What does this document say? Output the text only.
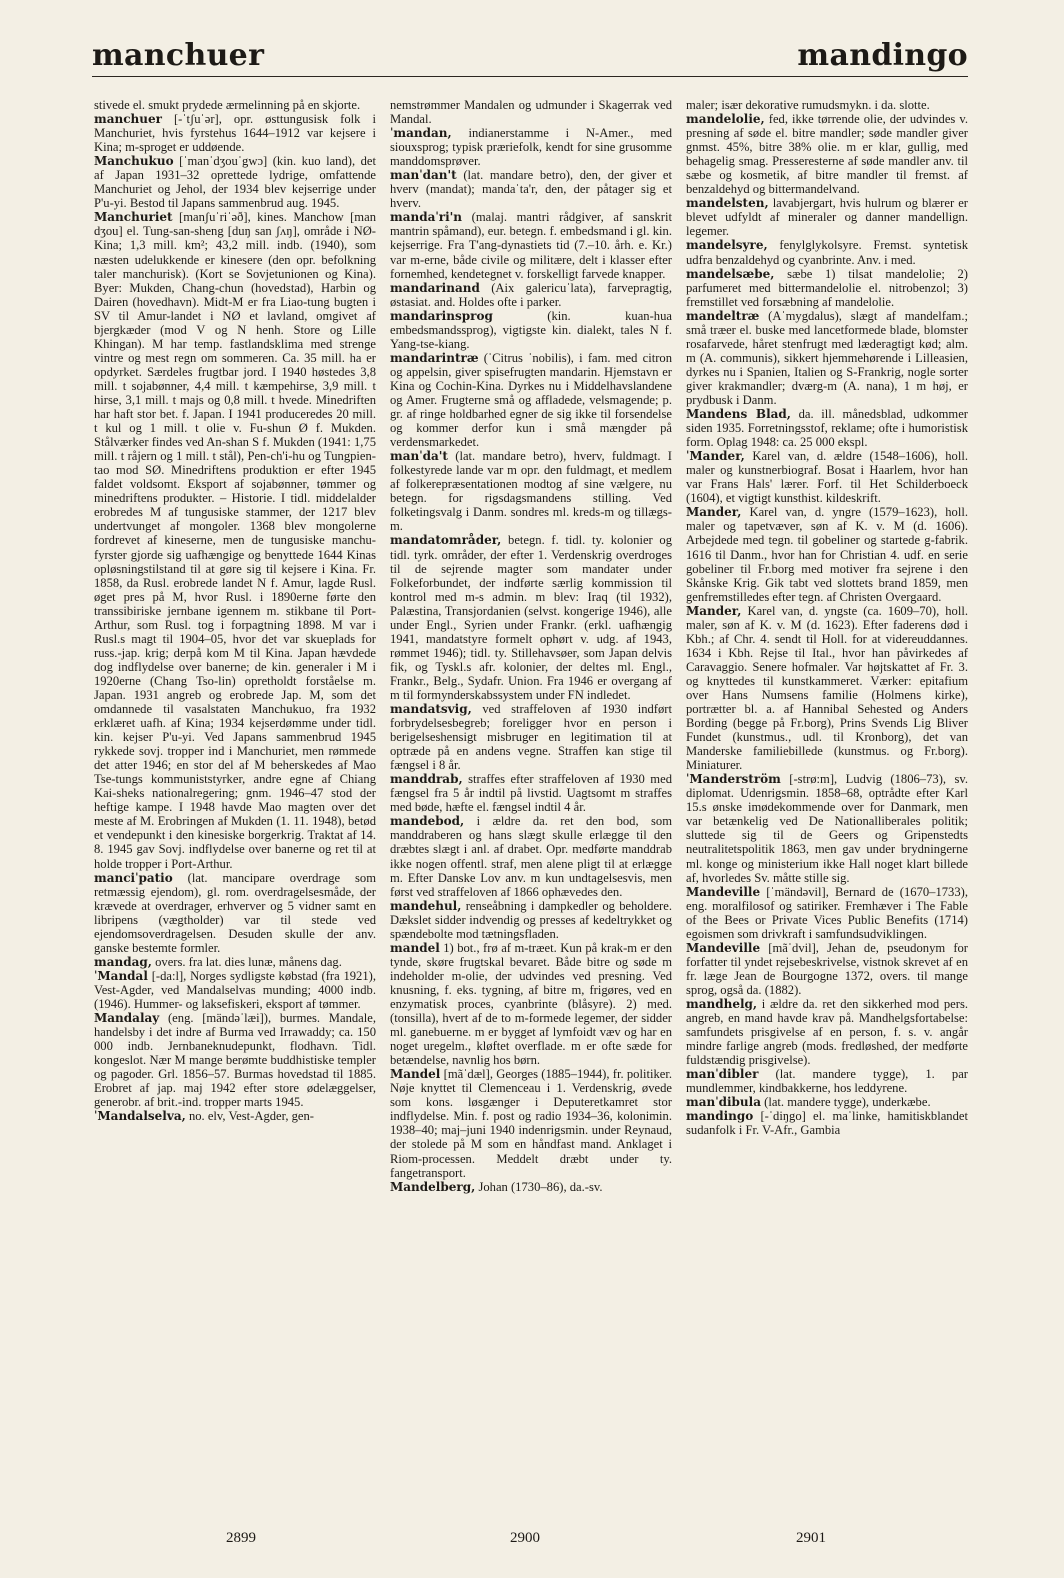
manchuer	mandingo

stivede el. smukt prydede ærmelinning på en skjorte.

manchuer [-ˈtʃuˈər], opr. østtungusisk folk i Manchuriet, hvis fyrstehus 1644–1912 var kejsere i Kina; m-sproget er uddøende.

Manchukuo [ˈmanˈdʒouˈgwɔ] (kin. kuo land), det af Japan 1931–32 oprettede lydrige, omfattende Manchuriet og Jehol, der 1934 blev kejserrige under P'u-yi. Bestod til Japans sammenbrud aug. 1945.

Manchuriet [manʃuˈriˈəð], kines. Manchow [man dʒou] el. Tung-san-sheng [duŋ san ʃʌŋ], område i NØ-Kina; 1,3 mill. km²; 43,2 mill. indb. (1940), som næsten udelukkende er kinesere (den opr. befolkning taler manchurisk). (Kort se Sovjetunionen og Kina). Byer: Mukden, Chang-chun (hovedstad), Harbin og Dairen (hovedhavn). Midt-M er fra Liao-tung bugten i SV til Amur-landet i NØ et lavland, omgivet af bjergkæder (mod V og N henh. Store og Lille Khingan). M har temp. fastlandsklima med strenge vintre og mest regn om sommeren. Ca. 35 mill. ha er opdyrket. Særdeles frugtbar jord. I 1940 høstedes 3,8 mill. t sojabønner, 4,4 mill. t kæmpehirse, 3,9 mill. t hirse, 3,1 mill. t majs og 0,8 mill. t hvede. Minedriften har haft stor bet. f. Japan. I 1941 produceredes 20 mill. t kul og 1 mill. t olie v. Fu-shun Ø f. Mukden. Stålværker findes ved An-shan S f. Mukden (1941: 1,75 mill. t råjern og 1 mill. t stål), Pen-ch'i-hu og Tungpien-tao mod SØ. Minedriftens produktion er efter 1945 faldet voldsomt. Eksport af sojabønner, tømmer og minedriftens produkter. – Historie. I tidl. middelalder erobredes M af tungusiske stammer, der 1217 blev undertvunget af mongoler. 1368 blev mongolerne fordrevet af kineserne, men de tungusiske manchu-fyrster gjorde sig uafhængige og benyttede 1644 Kinas opløsningstilstand til at gøre sig til kejsere i Kina. Fr. 1858, da Rusl. erobrede landet N f. Amur, lagde Rusl. øget pres på M, hvor Rusl. i 1890erne førte den transsibiriske jernbane igennem m. stikbane til Port-Arthur, som Rusl. tog i forpagtning 1898. M var i Rusl.s magt til 1904–05, hvor det var skueplads for russ.-jap. krig; derpå kom M til Kina. Japan hævdede dog indflydelse over banerne; de kin. generaler i M i 1920erne (Chang Tso-lin) opretholdt forståelse m. Japan. 1931 angreb og erobrede Jap. M, som det omdannede til vasalstaten Manchukuo, fra 1932 erklæret uafh. af Kina; 1934 kejserdømme under tidl. kin. kejser P'u-yi. Ved Japans sammenbrud 1945 rykkede sovj. tropper ind i Manchuriet, men rømmede det atter 1946; en stor del af M beherskedes af Mao Tse-tungs kommuniststyrker, andre egne af Chiang Kai-sheks nationalregering; gnm. 1946–47 stod der heftige kampe. I 1948 havde Mao magten over det meste af M. Erobringen af Mukden (1. 11. 1948), betød et vendepunkt i den kinesiske borgerkrig. Traktat af 14. 8. 1945 gav Sovj. indflydelse over banerne og ret til at holde tropper i Port-Arthur.

manciˈpatio (lat. mancipare overdrage som retmæssig ejendom), gl. rom. overdragelsesmåde, der krævede at overdrager, erhverver og 5 vidner samt en libripens (vægtholder) var til stede ved ejendomsoverdragelsen. Desuden skulle der anv. ganske bestemte formler.

mandag, overs. fra lat. dies lunæ, månens dag.

ˈMandal [-da:l], Norges sydligste købstad (fra 1921), Vest-Agder, ved Mandalselvas munding; 4000 indb. (1946). Hummer- og laksefiskeri, eksport af tømmer.

Mandalay (eng. [mändəˈlæi]), burmes. Mandale, handelsby i det indre af Burma ved Irrawaddy; ca. 150 000 indb. Jernbaneknudepunkt, flodhavn. Tidl. kongeslot. Nær M mange berømte buddhistiske templer og pagoder. Grl. 1856–57. Burmas hovedstad til 1885. Erobret af jap. maj 1942 efter store ødelæggelser, generobr. af brit.-ind. tropper marts 1945.

ˈMandalselva, no. elv, Vest-Agder, gen-

nemstrømmer Mandalen og udmunder i Skagerrak ved Mandal.

ˈmandan, indianerstamme i N-Amer., med siouxsprog; typisk præriefolk, kendt for sine grusomme manddomsprøver.

manˈdan't (lat. mandare betro), den, der giver et hverv (mandat); mandaˈta'r, den, der påtager sig et hverv.

mandaˈri'n (malaj. mantri rådgiver, af sanskrit mantrin spåmand), eur. betegn. f. embedsmand i gl. kin. kejserrige. Fra T'ang-dynastiets tid (7.–10. årh. e. Kr.) var m-erne, både civile og militære, delt i klasser efter fornemhed, kendetegnet v. forskelligt farvede knapper.

mandarinand (Aix galericuˈlata), farvepragtig, østasiat. and. Holdes ofte i parker.

mandarinsprog	(kin. kuan-hua embedsmandssprog), vigtigste kin. dialekt, tales N f. Yang-tse-kiang.

mandarintræ (ˈCitrus ˈnobilis), i fam. med citron og appelsin, giver spisefrugten mandarin. Hjemstavn er Kina og Cochin-Kina. Dyrkes nu i Middelhavslandene og Amer. Frugterne små og affladede, velsmagende; p. gr. af ringe holdbarhed egner de sig ikke til forsendelse og kommer derfor kun i små mængder på verdensmarkedet.

manˈda't (lat. mandare betro), hverv, fuldmagt. I folkestyrede lande var m opr. den fuldmagt, et medlem af folkerepræsentationen modtog af sine vælgere, nu betegn. for rigsdagsmandens stilling. Ved folketingsvalg i Danm. sondres ml. kreds-m og tillægs-m.

mandatområder, betegn. f. tidl. ty. kolonier og tidl. tyrk. områder, der efter 1. Verdenskrig overdroges til de sejrende magter som mandater under Folkeforbundet, der indførte særlig kommission til kontrol med m-s admin. m blev: Iraq (til 1932), Palæstina, Transjordanien (selvst. kongerige 1946), alle under Engl., Syrien under Frankr. (erkl. uafhængig 1941, mandatstyre formelt ophørt v. udg. af 1943, rømmet 1946); tidl. ty. Stillehavsøer, som Japan delvis fik, og Tyskl.s afr. kolonier, der deltes ml. Engl., Frankr., Belg., Sydafr. Union. Fra 1946 er overgang af m til formynderskabssystem under FN indledet.

mandatsvig, ved straffeloven af 1930 indført forbrydelsesbegreb; foreligger hvor en person i berigelseshensigt misbruger en legitimation til at optræde på en andens vegne. Straffen kan stige til fængsel i 8 år.

manddrab, straffes efter straffeloven af 1930 med fængsel fra 5 år indtil på livstid. Uagtsomt m straffes med bøde, hæfte el. fængsel indtil 4 år.

mandebod, i ældre da. ret den bod, som manddraberen og hans slægt skulle erlægge til den dræbtes slægt i anl. af drabet. Opr. medførte manddrab ikke nogen offentl. straf, men alene pligt til at erlægge m. Efter Danske Lov anv. m kun undtagelsesvis, men først ved straffeloven af 1866 ophævedes den.

mandehul, renseåbning i dampkedler og beholdere. Dækslet sidder indvendig og presses af kedeltrykket og spændebolte mod tætningsfladen.

mandel 1) bot., frø af m-træet. Kun på krak-m er den tynde, skøre frugtskal bevaret. Både bitre og søde m indeholder m-olie, der udvindes ved presning. Ved knusning, f. eks. tygning, af bitre m, frigøres, ved en enzymatisk proces, cyanbrinte (blåsyre). 2) med. (tonsilla), hvert af de to m-formede legemer, der sidder ml. ganebuerne. m er bygget af lymfoidt væv og har en noget uregelm., kløftet overflade. m er ofte sæde for betændelse, navnlig hos børn.

Mandel [mãˈdæl], Georges (1885–1944), fr. politiker. Nøje knyttet til Clemenceau i 1. Verdenskrig, øvede som kons. løsgænger i Deputeretkamret stor indflydelse. Min. f. post og radio 1934–36, kolonimin. 1938–40; maj–juni 1940 indenrigsmin. under Reynaud, der stolede på M som en håndfast mand. Anklaget i Riom-processen. Meddelt dræbt under ty. fangetransport.

Mandelberg, Johan (1730–86), da.-sv.

maler; især dekorative rumudsmykn. i da. slotte.

mandelolie, fed, ikke tørrende olie, der udvindes v. presning af søde el. bitre mandler; søde mandler giver gnmst. 45%, bitre 38% olie. m er klar, gullig, med behagelig smag. Presseresterne af søde mandler anv. til sæbe og kosmetik, af bitre mandler til fremst. af benzaldehyd og bittermandelvand.

mandelsten, lavabjergart, hvis hulrum og blærer er blevet udfyldt af mineraler og danner mandellign. legemer.

mandelsyre, fenylglykolsyre. Fremst. syntetisk udfra benzaldehyd og cyanbrinte. Anv. i med.

mandelsæbe, sæbe 1) tilsat mandelolie; 2) parfumeret med bittermandelolie el. nitrobenzol; 3) fremstillet ved forsæbning af mandelolie.

mandeltræ (Aˈmygdalus), slægt af mandelfam.; små træer el. buske med lancetformede blade, blomster rosafarvede, håret stenfrugt med læderagtigt kød; alm. m (A. communis), sikkert hjemmehørende i Lilleasien, dyrkes nu i Spanien, Italien og S-Frankrig, nogle sorter giver krakmandler; dværg-m (A. nana), 1 m høj, er prydbusk i Danm.

Mandens Blad, da. ill. månedsblad, udkommer siden 1935. Forretningsstof, reklame; ofte i humoristisk form. Oplag 1948: ca. 25 000 ekspl.

ˈMander, Karel van, d. ældre (1548–1606), holl. maler og kunstnerbiograf. Bosat i Haarlem, hvor han var Frans Hals' lærer. Forf. til Het Schilderboeck (1604), et vigtigt kunsthist. kildeskrift.

Mander, Karel van, d. yngre (1579–1623), holl. maler og tapetvæver, søn af K. v. M (d. 1606). Arbejdede med tegn. til gobeliner og startede g-fabrik. 1616 til Danm., hvor han for Christian 4. udf. en serie gobeliner til Fr.borg med motiver fra sejrene i den Skånske Krig. Gik tabt ved slottets brand 1859, men genfremstilledes efter tegn. af Christen Overgaard.

Mander, Karel van, d. yngste (ca. 1609–70), holl. maler, søn af K. v. M (d. 1623). Efter faderens død i Kbh.; af Chr. 4. sendt til Holl. for at videreuddannes. 1634 i Kbh. Rejse til Ital., hvor han påvirkedes af Caravaggio. Senere hofmaler. Var højtskattet af Fr. 3. og knyttedes til kunstkammeret. Værker: epitafium over Hans Numsens familie (Holmens kirke), portrætter bl. a. af Hannibal Sehested og Anders Bording (begge på Fr.borg), Prins Svends Lig Bliver Fundet (kunstmus., udl. til Kronborg), det van Manderske familiebillede (kunstmus. og Fr.borg). Miniaturer.

ˈManderström [-strø:m], Ludvig (1806–73), sv. diplomat. Udenrigsmin. 1858–68, optrådte efter Karl 15.s ønske imødekommende over for Danmark, men var betænkelig ved De Nationalliberales politik; sluttede sig til de Geers og Gripenstedts neutralitetspolitik 1863, men gav under brydningerne ml. konge og ministerium ikke Hall noget klart billede af, hvorledes Sv. måtte stille sig.

Mandeville [ˈmändəvil], Bernard de (1670–1733), eng. moralfilosof og satiriker. Fremhæver i The Fable of the Bees or Private Vices Public Benefits (1714) egoismen som drivkraft i samfundsudviklingen.

Mandeville [mãˈdvil], Jehan de, pseudonym for forfatter til yndet rejsebeskrivelse, vistnok skrevet af en fr. læge Jean de Bourgogne 1372, overs. til mange sprog, også da. (1882).

mandhelg, i ældre da. ret den sikkerhed mod pers. angreb, en mand havde krav på. Mandhelgsfortabelse: samfundets prisgivelse af en person, f. s. v. angår mindre farlige angreb (mods. fredløshed, der medførte fuldstændig prisgivelse).

manˈdibler (lat. mandere tygge), 1. par mundlemmer, kindbakkerne, hos leddyrene.

manˈdibula (lat. mandere tygge), underkæbe.

mandingo [-ˈdiŋgo] el. maˈlinke, hamitiskblandet sudanfolk i Fr. V-Afr., Gambia

2899	2900	2901
